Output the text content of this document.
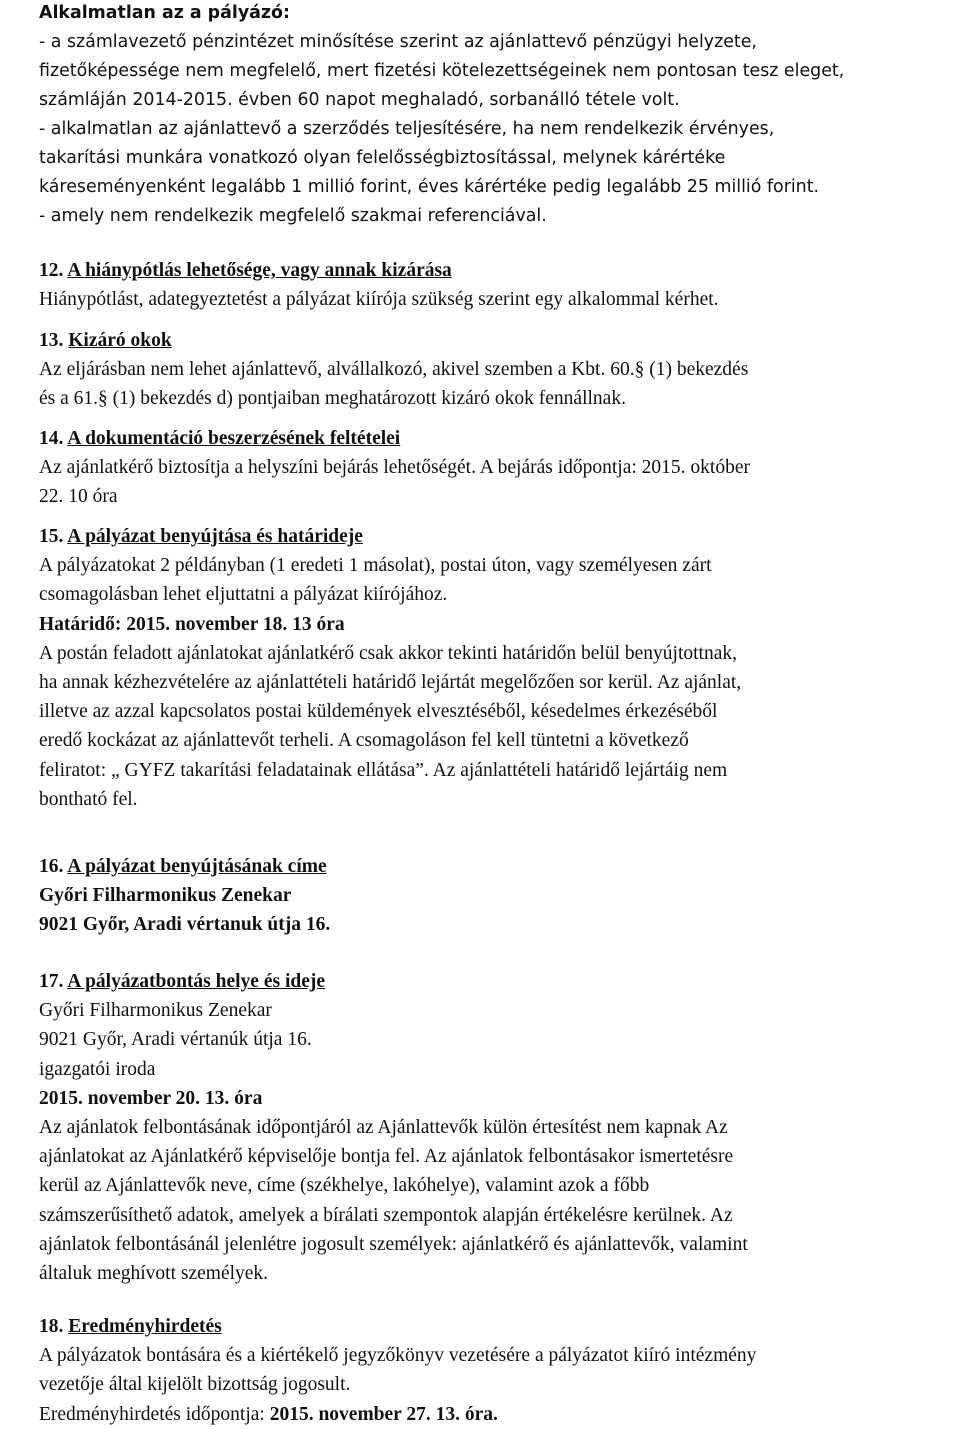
Alkalmatlan az a pályázó:
- a számlavezető pénzintézet minősítése szerint az ajánlattevő pénzügyi helyzete,
fizetőképessége nem megfelelő, mert fizetési kötelezettségeinek nem pontosan tesz eleget,
számláján 2014-2015. évben 60 napot meghaladó, sorbanálló tétele volt.
- alkalmatlan az ajánlattevő a szerződés teljesítésére, ha nem rendelkezik érvényes,
takarítási munkára vonatkozó olyan felelősségbiztosítással, melynek kárértéke
káreseményenként legalább 1 millió forint, éves kárértéke pedig legalább 25 millió forint.
- amely nem rendelkezik megfelelő szakmai referenciával.
12. A hiánypótlás lehetősége, vagy annak kizárása
Hiánypótlást, adategyeztetést a pályázat kiírója szükség szerint egy alkalommal kérhet.
13. Kizáró okok
Az eljárásban nem lehet ajánlattevő, alvállalkozó, akivel szemben a Kbt. 60.§ (1) bekezdés
és a 61.§ (1) bekezdés d) pontjaiban meghatározott kizáró okok fennállnak.
14. A dokumentáció beszerzésének feltételei
Az ajánlatkérő biztosítja a helyszíni bejárás lehetőségét. A bejárás időpontja: 2015. október
22. 10 óra
15. A pályázat benyújtása és határideje
A pályázatokat 2 példányban (1 eredeti 1 másolat), postai úton, vagy személyesen zárt
csomagolásban lehet eljuttatni a pályázat kiírójához.
Határidő: 2015. november 18. 13 óra
A postán feladott ajánlatokat ajánlatkérő csak akkor tekinti határidőn belül benyújtottnak,
ha annak kézhezvételére az ajánlattételi határidő lejártát megelőzően sor kerül. Az ajánlat,
illetve az azzal kapcsolatos postai küldemények elvesztéséből, késedelmes érkezéséből
eredő kockázat az ajánlattevőt terheli. A csomagoláson fel kell tüntetni a következő
feliratot: „ GYFZ takarítási feladatainak ellátása”. Az ajánlattételi határidő lejártáig nem
bontható fel.
16. A pályázat benyújtásának címe
Győri Filharmonikus Zenekar
9021 Győr, Aradi vértanuk útja 16.
17. A pályázatbontás helye és ideje
Győri Filharmonikus Zenekar
9021 Győr, Aradi vértanúk útja 16.
igazgatói iroda
2015. november 20. 13. óra
Az ajánlatok felbontásának időpontjáról az Ajánlattevők külön értesítést nem kapnak Az
ajánlatokat az Ajánlatkérő képviselője bontja fel. Az ajánlatok felbontásakor ismertetésre
kerül az Ajánlattevők neve, címe (székhelye, lakóhelye), valamint azok a főbb
számszerűsíthető adatok, amelyek a bírálati szempontok alapján értékelésre kerülnek. Az
ajánlatok felbontásánál jelenlétre jogosult személyek: ajánlatkérő és ajánlattevők, valamint
általuk meghívott személyek.
18. Eredményhirdetés
A pályázatok bontására és a kiértékelő jegyzőkönyv vezetésére a pályázatot kiíró intézmény
vezetője által kijelölt bizottság jogosult.
Eredményhirdetés időpontja: 2015. november 27. 13. óra.
